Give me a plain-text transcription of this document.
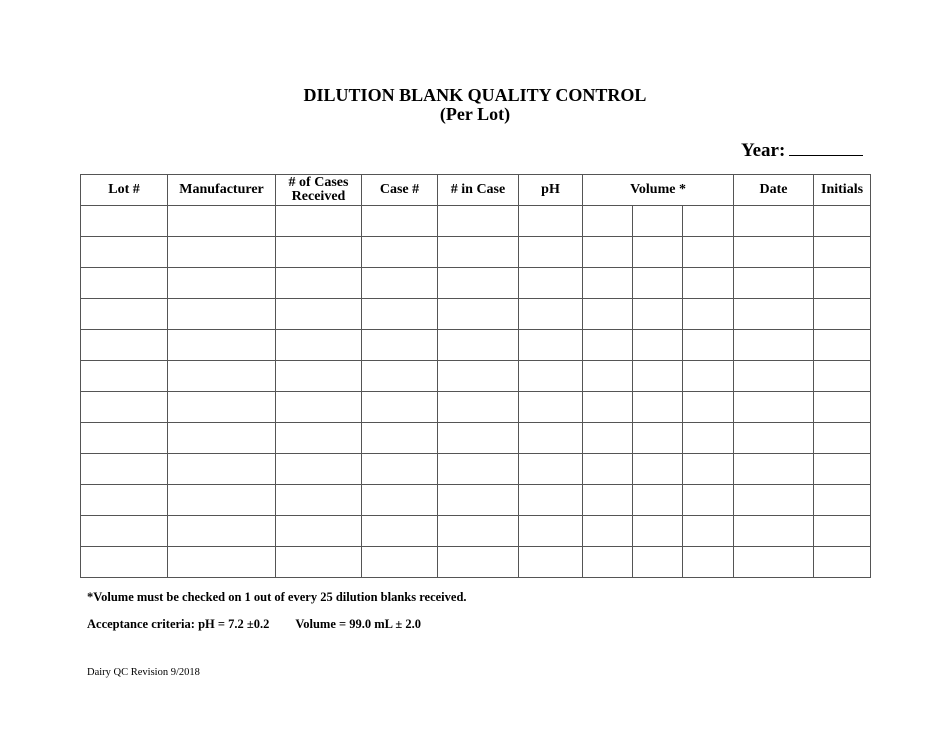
DILUTION BLANK QUALITY CONTROL
(Per Lot)
Year:
Lot #	Manufacturer	# of Cases Received	Case #	# in Case	pH	Volume *			Date	Initials

*Volume must be checked on 1 out of every 25 dilution blanks received.
Acceptance criteria: pH = 7.2 ±0.2 Volume = 99.0 mL ± 2.0
Dairy QC Revision 9/2018
